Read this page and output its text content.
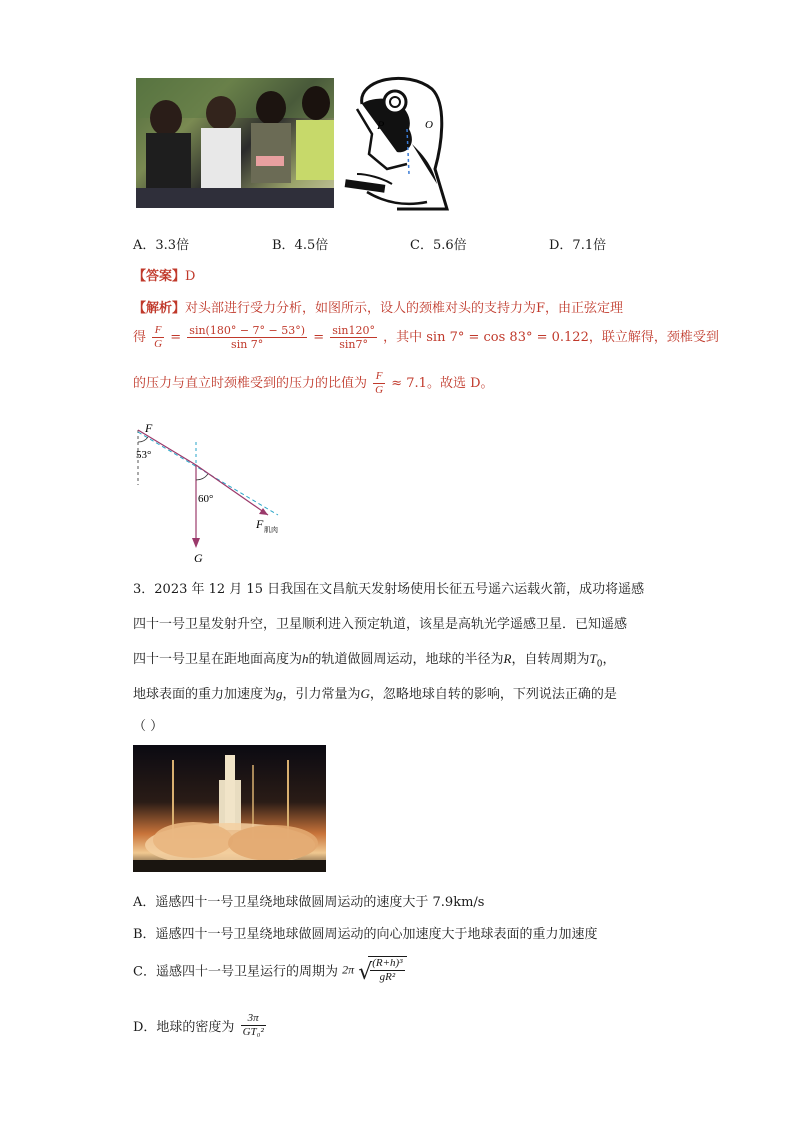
P	O
A．3.3倍	B．4.5倍	C．5.6倍	D．7.1倍
【答案】D
【解析】对头部进行受力分析，如图所示，设人的颈椎对头的支持力为F，由正弦定理
得 $\frac{F}{G} = \frac{\sin(180^\circ - 7^\circ - 53^\circ)}{\sin 7^\circ} = \frac{\sin 120^\circ}{\sin 7^\circ}$ ，其中 sin 7° = cos 83° = 0.122，联立解得，颈椎受到
的压力与直立时颈椎受到的压力的比值为 $\frac{F}{G} \approx 7.1$。故选 D。
F
53°
60°
F 肌肉
G
3．2023 年 12 月 15 日我国在文昌航天发射场使用长征五号遥六运载火箭，成功将遥感
四十一号卫星发射升空，卫星顺利进入预定轨道，该星是高轨光学遥感卫星．已知遥感
四十一号卫星在距地面高度为h的轨道做圆周运动，地球的半径为R，自转周期为$T_0$，
地球表面的重力加速度为g，引力常量为G，忽略地球自转的影响，下列说法正确的是
（ ）
A．遥感四十一号卫星绕地球做圆周运动的速度大于 7.9km/s
B．遥感四十一号卫星绕地球做圆周运动的向心加速度大于地球表面的重力加速度
C．遥感四十一号卫星运行的周期为 2π √
$\frac{\text{(R+h)³}}{\text{gR²}}$
D．地球的密度为 $\frac{3\pi}{\text{GT₀²}}$
